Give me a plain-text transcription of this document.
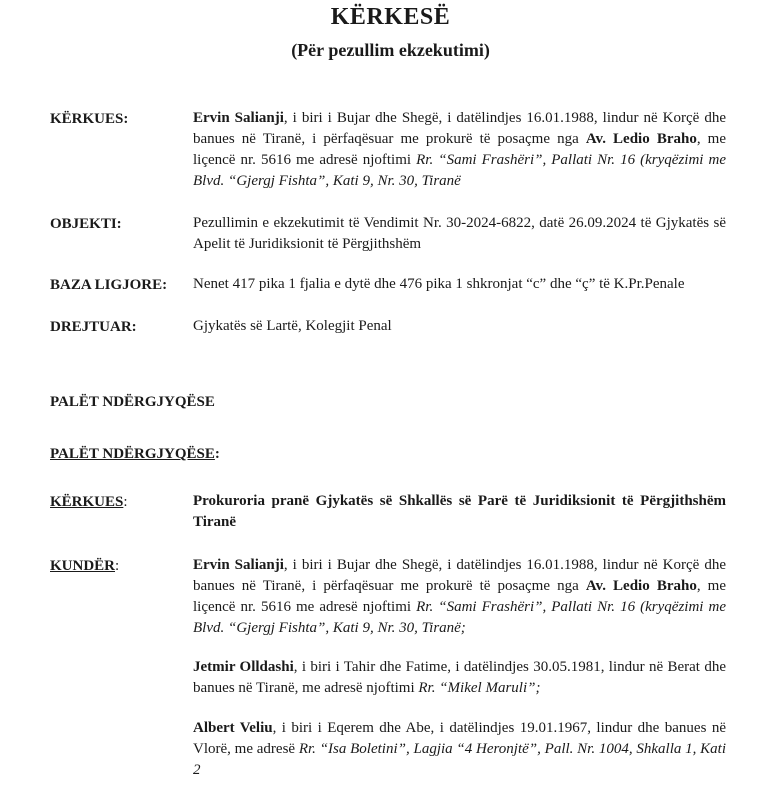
KËRKESË
(Për pezullim ekzekutimi)
KËRKUES:	Ervin Salianji, i biri i Bujar dhe Shegë, i datëlindjes 16.01.1988, lindur në Korçë dhe banues në Tiranë, i përfaqësuar me prokurë të posaçme nga Av. Ledio Braho, me liçencë nr. 5616 me adresë njoftimi Rr. “Sami Frashëri”, Pallati Nr. 16 (kryqëzimi me Blvd. “Gjergj Fishta”, Kati 9, Nr. 30, Tiranë
OBJEKTI:	Pezullimin e ekzekutimit të Vendimit Nr. 30-2024-6822, datë 26.09.2024 të Gjykatës së Apelit të Juridiksionit të Përgjithshëm
BAZA LIGJORE: Nenet 417 pika 1 fjalia e dytë dhe 476 pika 1 shkronjat “c” dhe “ç” të K.Pr.Penale
DREJTUAR:	Gjykatës së Lartë, Kolegjit Penal
PALËT NDËRGJYQËSE
PALËT NDËRGJYQËSE:
KËRKUES:	Prokuroria pranë Gjykatës së Shkallës së Parë të Juridiksionit të Përgjithshëm Tiranë
KUNDËR:	Ervin Salianji, i biri i Bujar dhe Shegë, i datëlindjes 16.01.1988, lindur në Korçë dhe banues në Tiranë, i përfaqësuar me prokurë të posaçme nga Av. Ledio Braho, me liçencë nr. 5616 me adresë njoftimi Rr. “Sami Frashëri”, Pallati Nr. 16 (kryqëzimi me Blvd. “Gjergj Fishta”, Kati 9, Nr. 30, Tiranë;
Jetmir Olldashi, i biri i Tahir dhe Fatime, i datëlindjes 30.05.1981, lindur në Berat dhe banues në Tiranë, me adresë njoftimi Rr. “Mikel Maruli”;
Albert Veliu, i biri i Eqerem dhe Abe, i datëlindjes 19.01.1967, lindur dhe banues në Vlorë, me adresë Rr. “Isa Boletini”, Lagjia “4 Heronjtë”, Pall. Nr. 1004, Shkalla 1, Kati 2
